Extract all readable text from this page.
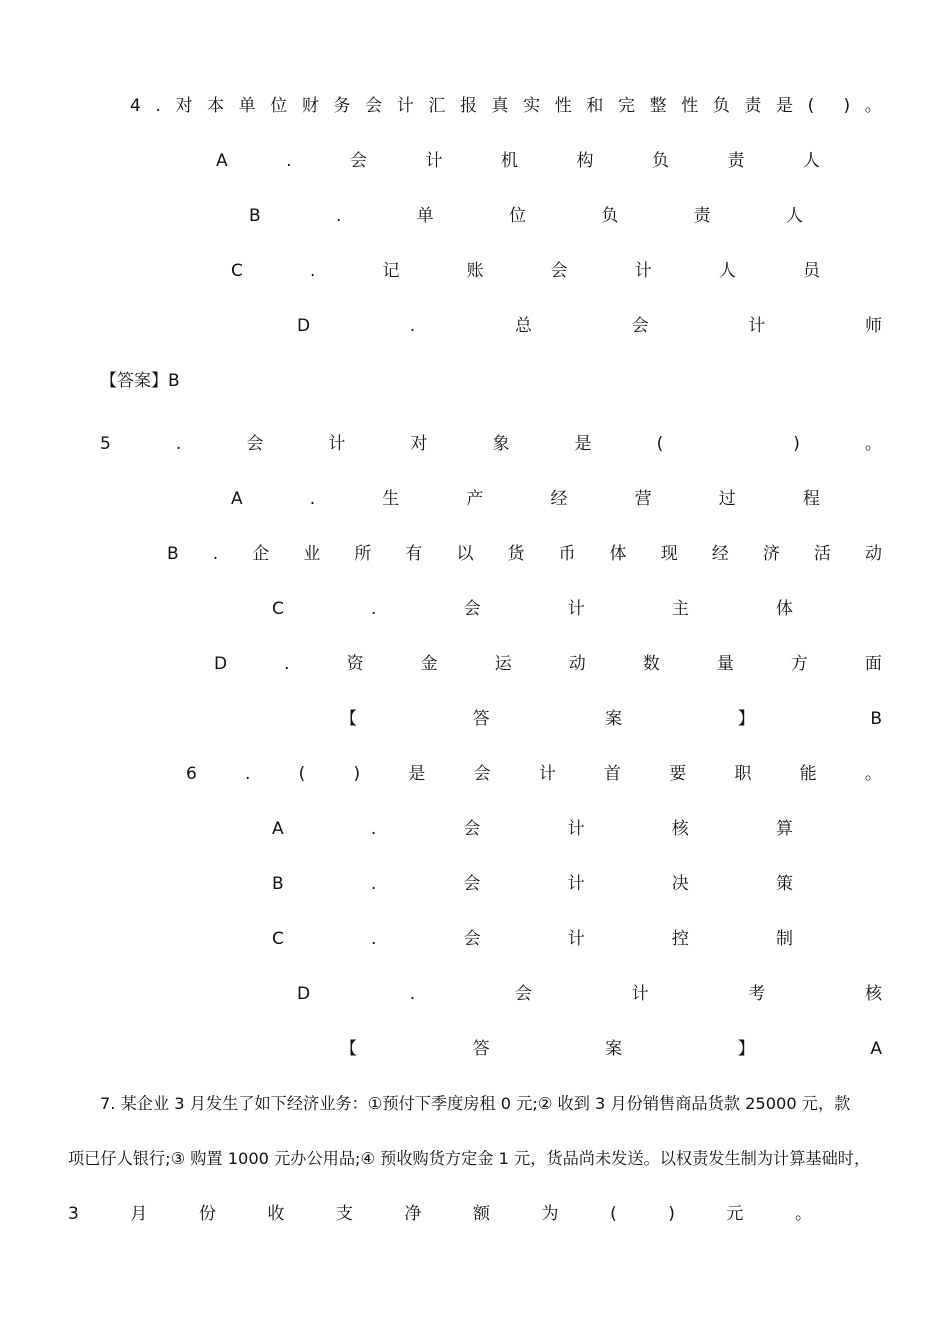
4 . 对 本 单 位 财 务 会 计 汇 报 真 实 性 和 完 整 性 负 责 是 ( ) 。
A	.	会	计	机	构	负	责	人
B	.	单	位	负	责	人
C	.	记	账	会	计	人	员
D	.	总	会	计	师
【答案】B
5	.	会	计	对	象	是	(	)	。
A	.	生	产	经	营	过	程
B . 企 业 所 有 以 货 币 体 现 经 济 活 动
C	.	会	计	主	体
D	.	资	金	运	动	数	量	方	面
【	答	案	】	B
6	.	(	)	是	会	计	首	要	职	能	。
A	.	会	计	核	算
B	.	会	计	决	策
C	.	会	计	控	制
D	.	会	计	考	核
【	答	案	】	A
7. 某企业 3 月发生了如下经济业务：①预付下季度房租 0 元;② 收到 3 月份销售商品货款 25000 元，款
项已仔人银行;③ 购置 1000 元办公用品;④ 预收购货方定金 1 元，货品尚未发送。以权责发生制为计算基础时，
3	月	份	收	支	净	额	为	(	)	元	。
